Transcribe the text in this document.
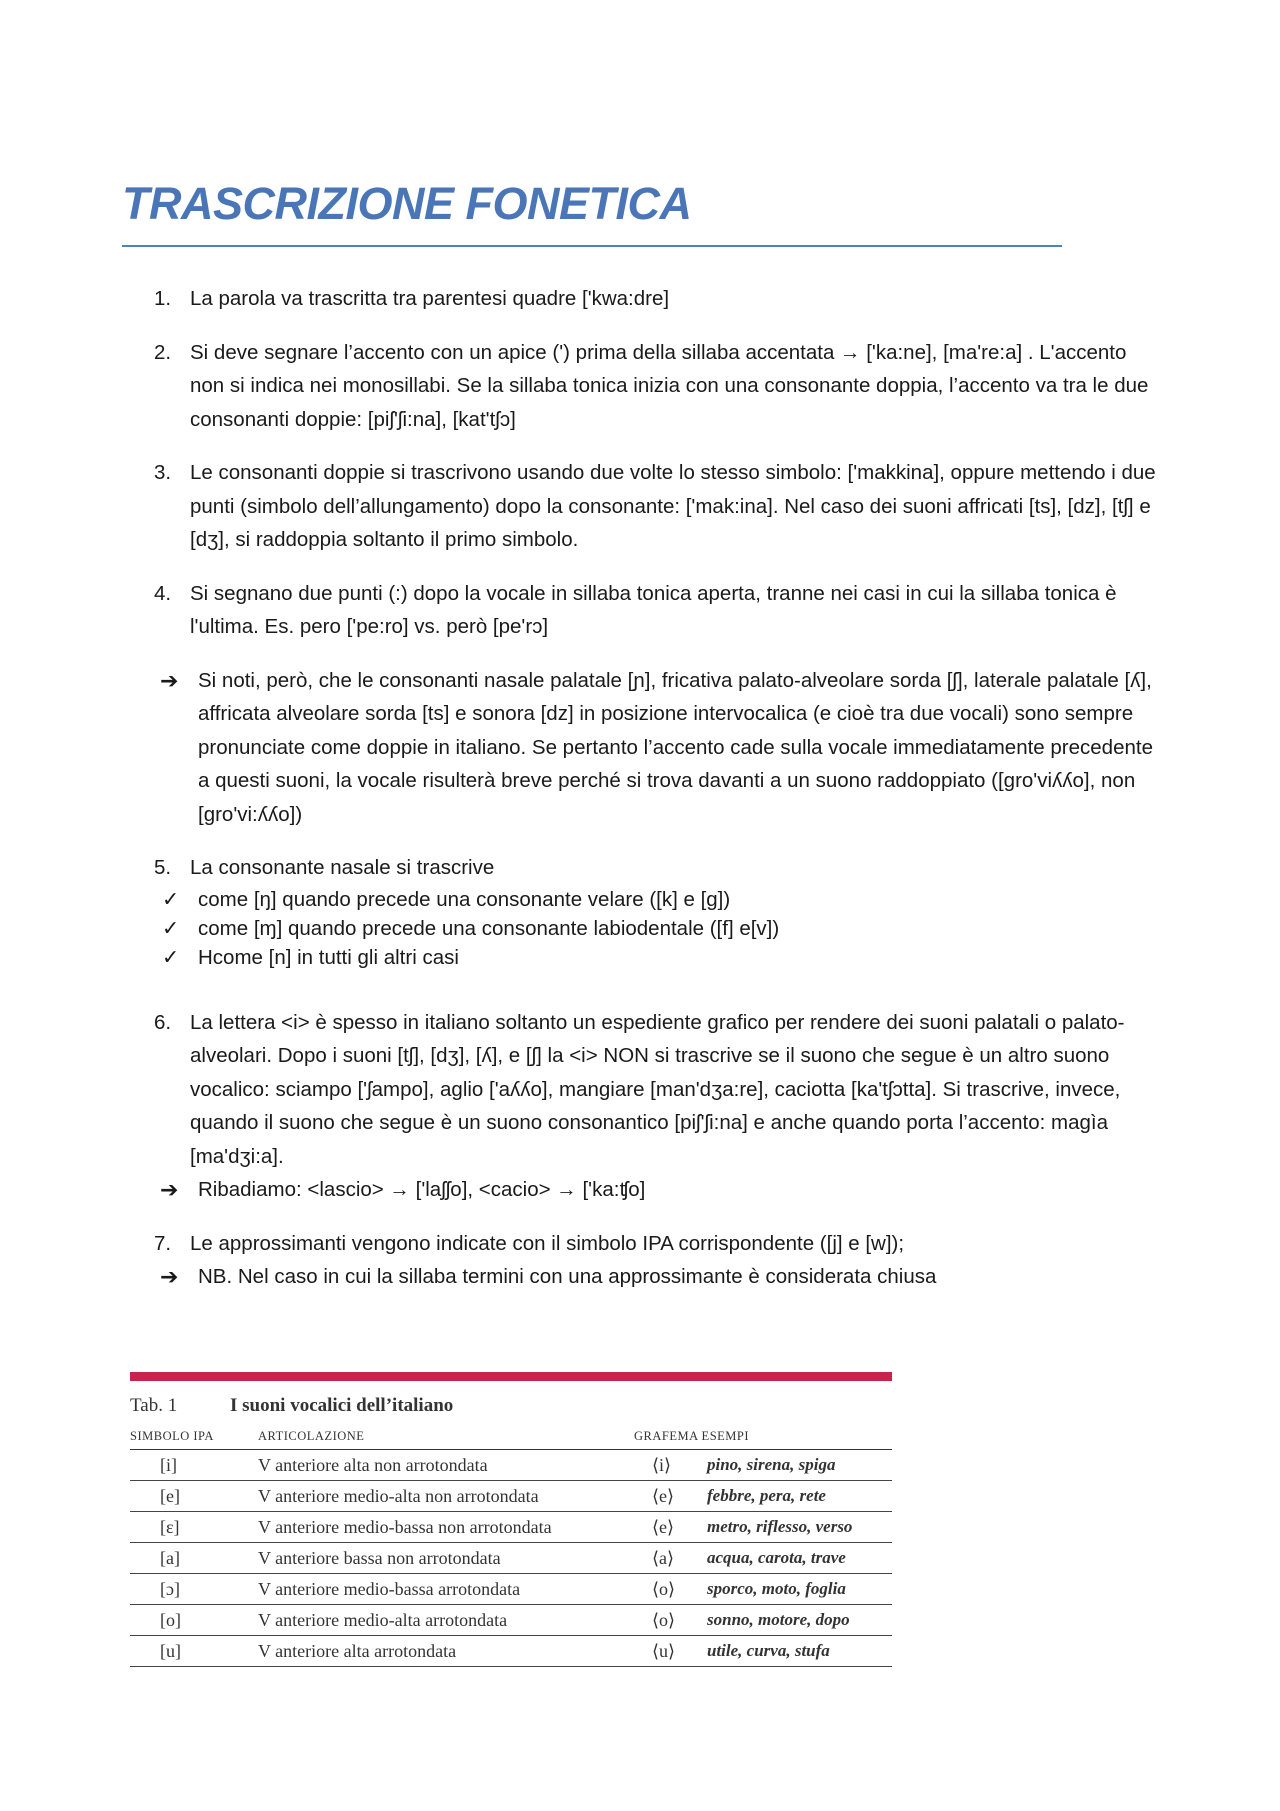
TRASCRIZIONE FONETICA
1. La parola va trascritta tra parentesi quadre ['kwa:dre]
2. Si deve segnare l’accento con un apice (') prima della sillaba accentata → ['ka:ne], [ma're:a] . L'accento non si indica nei monosillabi. Se la sillaba tonica inizia con una consonante doppia, l’accento va tra le due consonanti doppie: [piʃ'ʃi:na], [kat'tʃɔ]
3. Le consonanti doppie si trascrivono usando due volte lo stesso simbolo: ['makkina], oppure mettendo i due punti (simbolo dell’allungamento) dopo la consonante: ['mak:ina]. Nel caso dei suoni affricati [ts], [dz], [tʃ] e [dʒ], si raddoppia soltanto il primo simbolo.
4. Si segnano due punti (:) dopo la vocale in sillaba tonica aperta, tranne nei casi in cui la sillaba tonica è l'ultima. Es. pero ['pe:ro] vs. però [pe'rɔ]
➔ Si noti, però, che le consonanti nasale palatale [ɲ], fricativa palato-alveolare sorda [ʃ], laterale palatale [ʎ], affricata alveolare sorda [ts] e sonora [dz] in posizione intervocalica (e cioè tra due vocali) sono sempre pronunciate come doppie in italiano. Se pertanto l’accento cade sulla vocale immediatamente precedente a questi suoni, la vocale risulterà breve perché si trova davanti a un suono raddoppiato ([gro'viʎʎo], non [gro'vi:ʎʎo])
5. La consonante nasale si trascrive
✓ come [ŋ] quando precede una consonante velare ([k] e [g])
✓ come [ɱ] quando precede una consonante labiodentale ([f] e[v])
✓ Hcome [n] in tutti gli altri casi
6. La lettera <i> è spesso in italiano soltanto un espediente grafico per rendere dei suoni palatali o palato-alveolari. Dopo i suoni [tʃ], [dʒ], [ʎ], e [ʃ] la <i> NON si trascrive se il suono che segue è un altro suono vocalico: sciampo ['ʃampo], aglio ['aʎʎo], mangiare [man'dʒa:re], caciotta [ka'tʃɔtta]. Si trascrive, invece, quando il suono che segue è un suono consonantico [piʃ'ʃi:na] e anche quando porta l’accento: magìa [ma'dʒi:a].
➔ Ribadiamo: <lascio> → ['laʃʃo], <cacio> → ['ka:ʧo]
7. Le approssimanti vengono indicate con il simbolo IPA corrispondente ([j] e [w]);
➔ NB. Nel caso in cui la sillaba termini con una approssimante è considerata chiusa
Tab. 1	I suoni vocalici dell’italiano
SIMBOLO IPA	ARTICOLAZIONE	GRAFEMA ESEMPI
[i]	V anteriore alta non arrotondata	⟨i⟩ pino, sirena, spiga
[e]	V anteriore medio-alta non arrotondata	⟨e⟩ febbre, pera, rete
[ɛ]	V anteriore medio-bassa non arrotondata	⟨e⟩ metro, riflesso, verso
[a]	V anteriore bassa non arrotondata	⟨a⟩ acqua, carota, trave
[ɔ]	V anteriore medio-bassa arrotondata	⟨o⟩ sporco, moto, foglia
[o]	V anteriore medio-alta arrotondata	⟨o⟩ sonno, motore, dopo
[u]	V anteriore alta arrotondata	⟨u⟩ utile, curva, stufa
